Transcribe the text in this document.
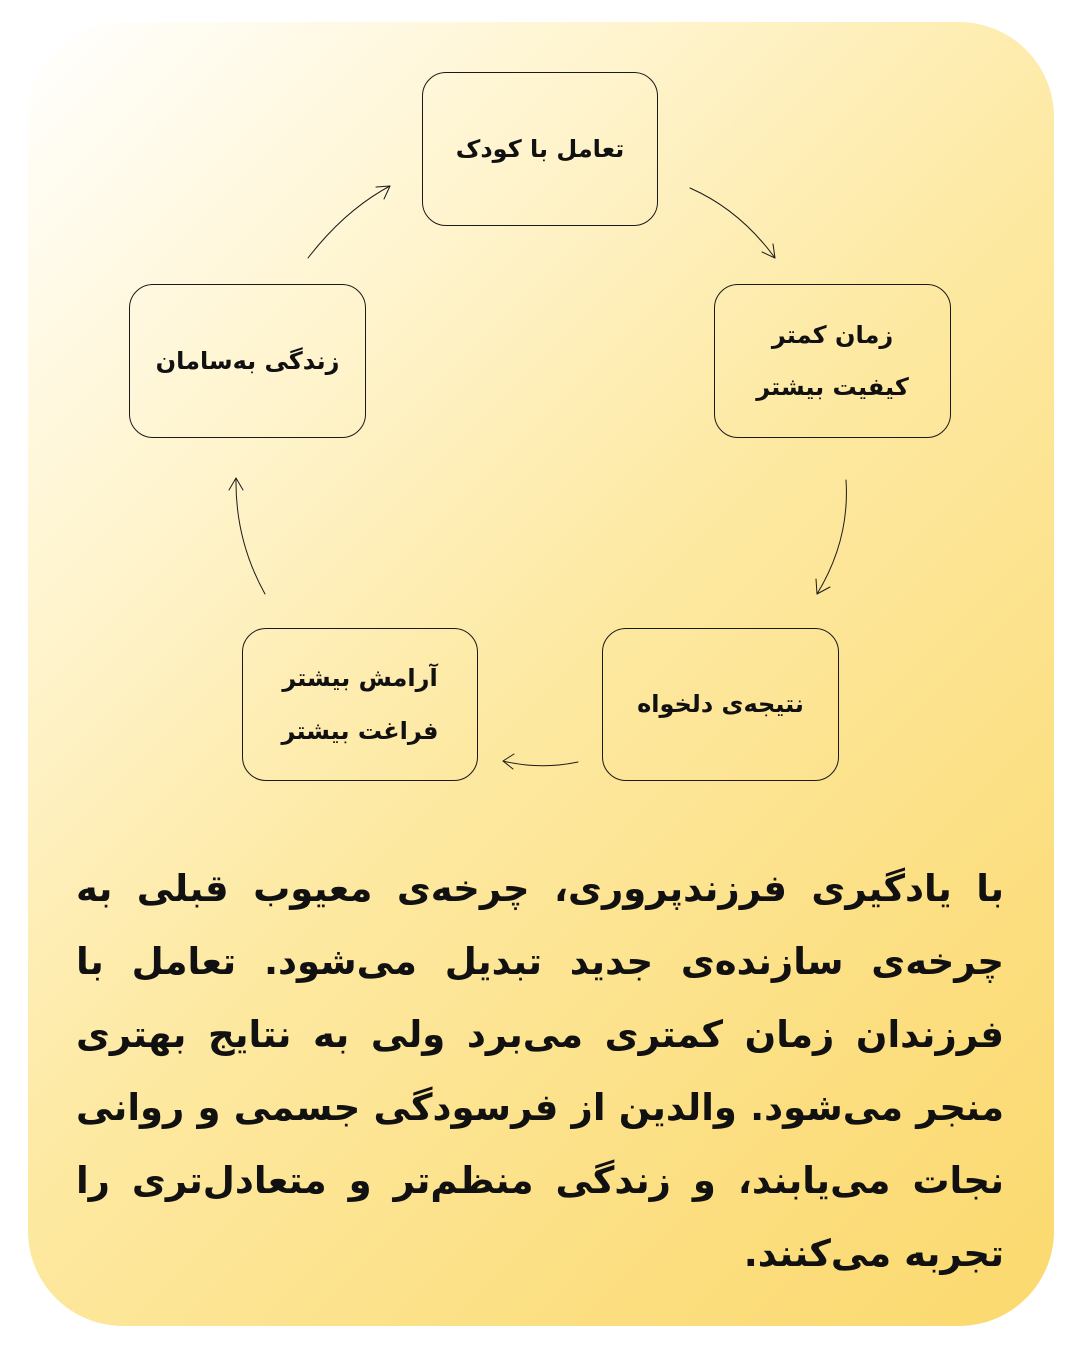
تعامل با کودک
زمان کمتر
کیفیت بیشتر
نتیجه‌ی دلخواه
آرامش بیشتر
فراغت بیشتر
زندگی به‌سامان
با یادگیری فرزندپروری، چرخه‌ی معیوب قبلی به چرخه‌ی سازنده‌ی جدید تبدیل می‌شود. تعامل با فرزندان زمان کمتری می‌برد ولی به نتایج بهتری منجر می‌شود. والدین از فرسودگی جسمی و روانی نجات می‌یابند، و زندگی منظم‌تر و متعادل‌تری را تجربه می‌کنند.
